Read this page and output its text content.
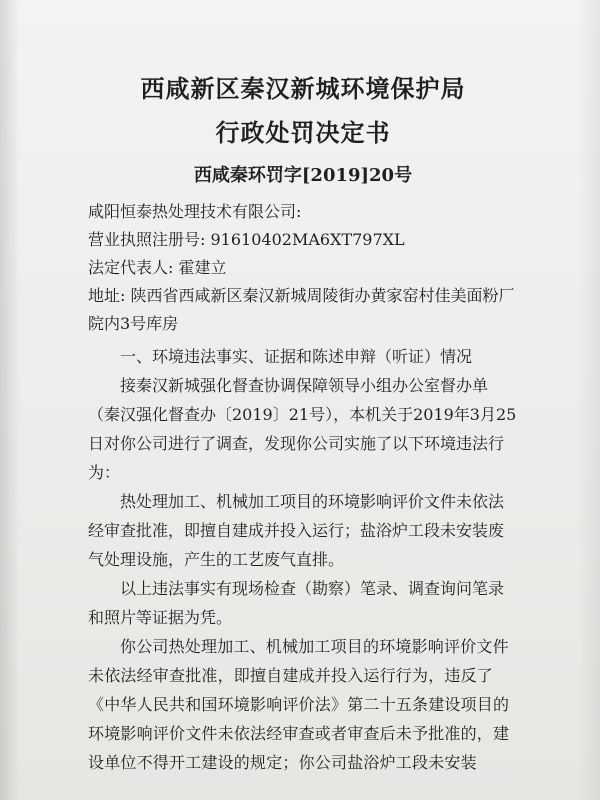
西咸新区秦汉新城环境保护局
行政处罚决定书
西咸秦环罚字[2019]20号
咸阳恒泰热处理技术有限公司:
营业执照注册号: 91610402MA6XT797XL
法定代表人: 霍建立
地址: 陕西省西咸新区秦汉新城周陵街办黄家窑村佳美面粉厂院内3号库房
一、环境违法事实、证据和陈述申辩（听证）情况

接秦汉新城强化督查协调保障领导小组办公室督办单（秦汉强化督查办〔2019〕21号），本机关于2019年3月25日对你公司进行了调查，发现你公司实施了以下环境违法行为：

热处理加工、机械加工项目的环境影响评价文件未依法经审查批准，即擅自建成并投入运行；盐浴炉工段未安装废气处理设施，产生的工艺废气直排。

以上违法事实有现场检查（勘察）笔录、调查询问笔录和照片等证据为凭。

你公司热处理加工、机械加工项目的环境影响评价文件未依法经审查批准，即擅自建成并投入运行行为，违反了《中华人民共和国环境影响评价法》第二十五条建设项目的环境影响评价文件未依法经审查或者审查后未予批准的，建设单位不得开工建设的规定；你公司盐浴炉工段未安装
